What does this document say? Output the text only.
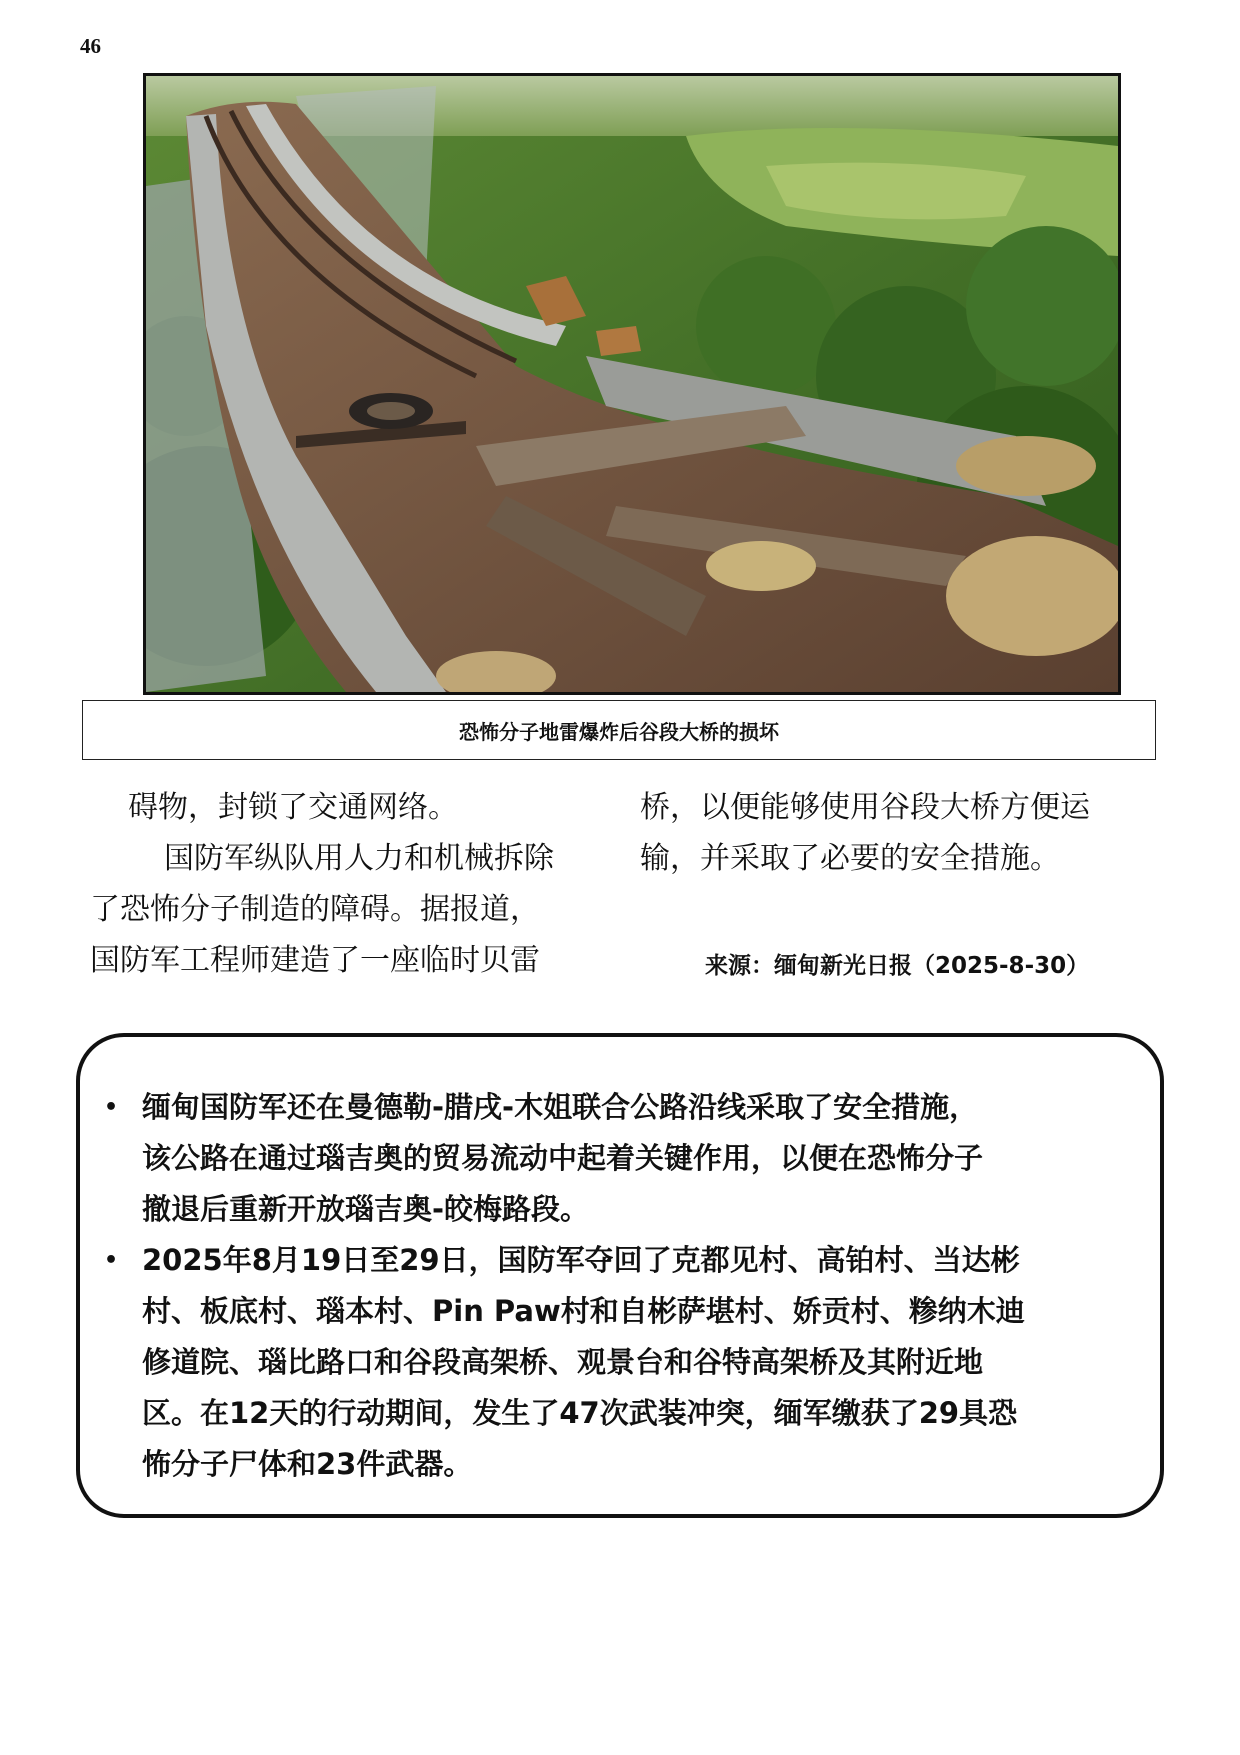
46
恐怖分子地雷爆炸后谷段大桥的损坏

碍物，封锁了交通网络。

国防军纵队用人力和机械拆除

了恐怖分子制造的障碍。据报道，

国防军工程师建造了一座临时贝雷

桥，以便能够使用谷段大桥方便运

输，并采取了必要的安全措施。

来源：缅甸新光日报（2025-8-30）
• 缅甸国防军还在曼德勒-腊戌-木姐联合公路沿线采取了安全措施，
该公路在通过瑙吉奥的贸易流动中起着关键作用，以便在恐怖分子
撤退后重新开放瑙吉奥-皎梅路段。
• 2025年8月19日至29日，国防军夺回了克都见村、高铂村、当达彬
村、板底村、瑙本村、Pin Paw村和自彬萨堪村、娇贡村、糁纳木迪
修道院、瑙比路口和谷段高架桥、观景台和谷特高架桥及其附近地
区。在12天的行动期间，发生了47次武装冲突，缅军缴获了29具恐
怖分子尸体和23件武器。
